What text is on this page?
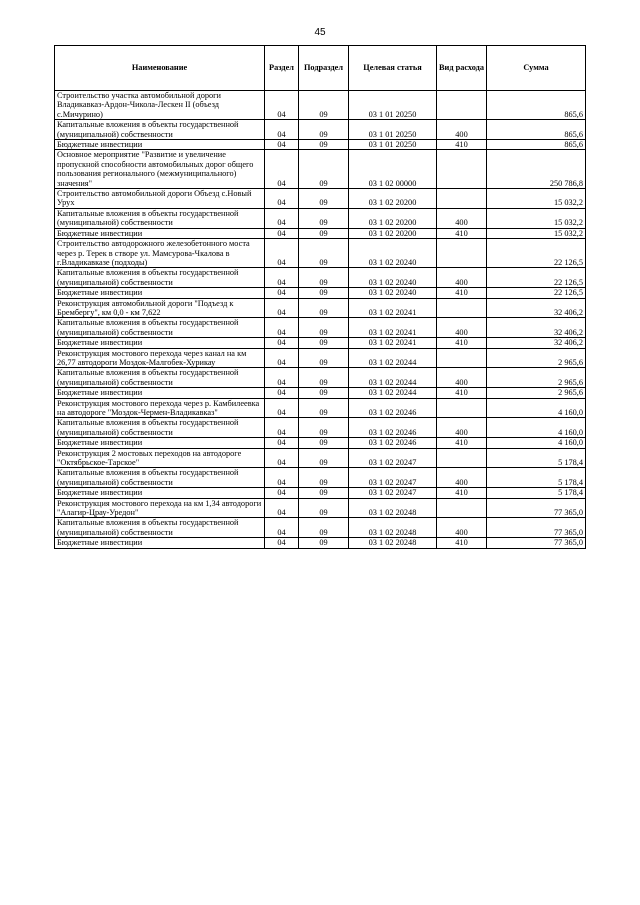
45
Наименование	Раздел	Подраздел	Целевая статья	Вид расхода	Сумма
Строительство участка автомобильной дороги Владикавказ-Ардон-Чикола-Лескен II (объезд с.Мичурино)	04	09	03 1 01 20250		865,6
Капитальные вложения в объекты государственной (муниципальной) собственности	04	09	03 1 01 20250	400	865,6
Бюджетные инвестиции	04	09	03 1 01 20250	410	865,6
Основное мероприятие "Развитие и увеличение пропускной способности автомобильных дорог общего пользования регионального (межмуниципального) значения"	04	09	03 1 02 00000		250 786,8
Строительство автомобильной дороги Объезд с.Новый Урух	04	09	03 1 02 20200		15 032,2
Капитальные вложения в объекты государственной (муниципальной) собственности	04	09	03 1 02 20200	400	15 032,2
Бюджетные инвестиции	04	09	03 1 02 20200	410	15 032,2
Строительство автодорожного железобетонного моста через р. Терек в створе ул. Мамсурова-Чкалова в г.Владикавказе (подходы)	04	09	03 1 02 20240		22 126,5
Капитальные вложения в объекты государственной (муниципальной) собственности	04	09	03 1 02 20240	400	22 126,5
Бюджетные инвестиции	04	09	03 1 02 20240	410	22 126,5
Реконструкция автомобильной дороги "Подъезд к Брембергу", км 0,0 - км 7,622	04	09	03 1 02 20241		32 406,2
Капитальные вложения в объекты государственной (муниципальной) собственности	04	09	03 1 02 20241	400	32 406,2
Бюджетные инвестиции	04	09	03 1 02 20241	410	32 406,2
Реконструкция мостового перехода через канал на км 26,77 автодороги Моздок-Малгобек-Хурикау	04	09	03 1 02 20244		2 965,6
Капитальные вложения в объекты государственной (муниципальной) собственности	04	09	03 1 02 20244	400	2 965,6
Бюджетные инвестиции	04	09	03 1 02 20244	410	2 965,6
Реконструкция мостового перехода через р. Камбилеевка на автодороге "Моздок-Чермен-Владикавказ"	04	09	03 1 02 20246		4 160,0
Капитальные вложения в объекты государственной (муниципальной) собственности	04	09	03 1 02 20246	400	4 160,0
Бюджетные инвестиции	04	09	03 1 02 20246	410	4 160,0
Реконструкция 2 мостовых переходов на автодороге "Октябрьское-Тарское"	04	09	03 1 02 20247		5 178,4
Капитальные вложения в объекты государственной (муниципальной) собственности	04	09	03 1 02 20247	400	5 178,4
Бюджетные инвестиции	04	09	03 1 02 20247	410	5 178,4
Реконструкция мостового перехода на км 1,34 автодороги "Алагир-Црау-Уредон"	04	09	03 1 02 20248		77 365,0
Капитальные вложения в объекты государственной (муниципальной) собственности	04	09	03 1 02 20248	400	77 365,0
Бюджетные инвестиции	04	09	03 1 02 20248	410	77 365,0
